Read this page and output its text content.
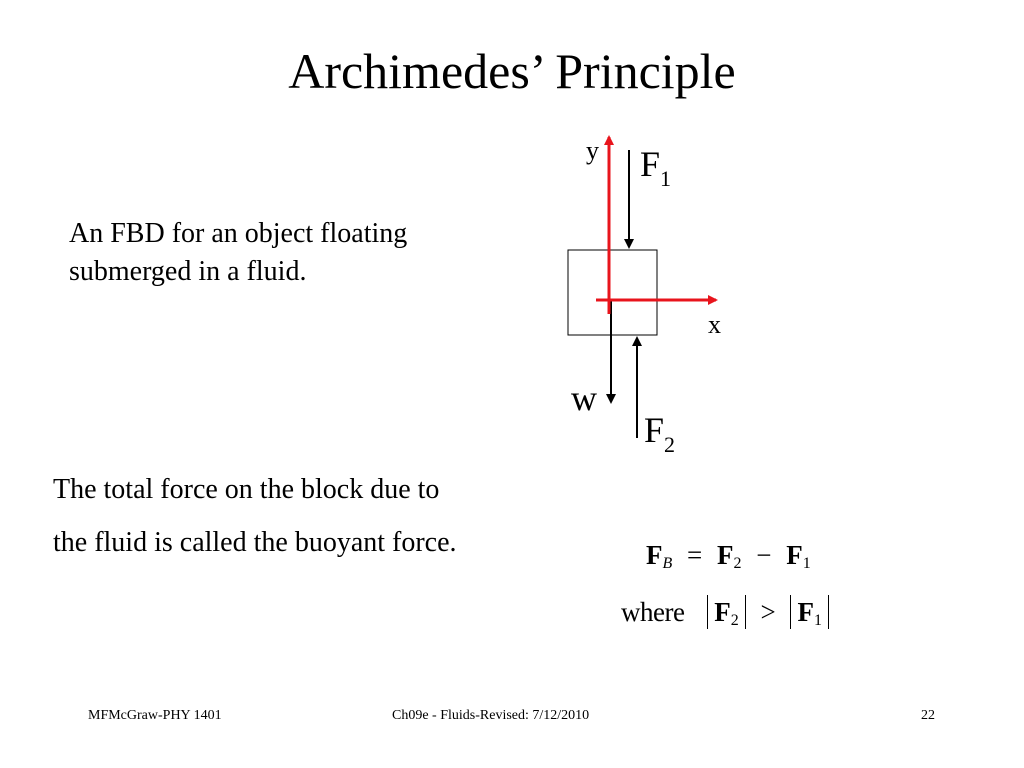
Archimedes’ Principle
An FBD for an object floating submerged in a fluid.
The total force on the block due to
the fluid is called the buoyant force.
y
x
$F_1$
w
$F_2$
$F_B = F_2 - F_1$
where $F_2 > F_1$
MFMcGraw-PHY 1401	Ch09e - Fluids-Revised: 7/12/2010	22
